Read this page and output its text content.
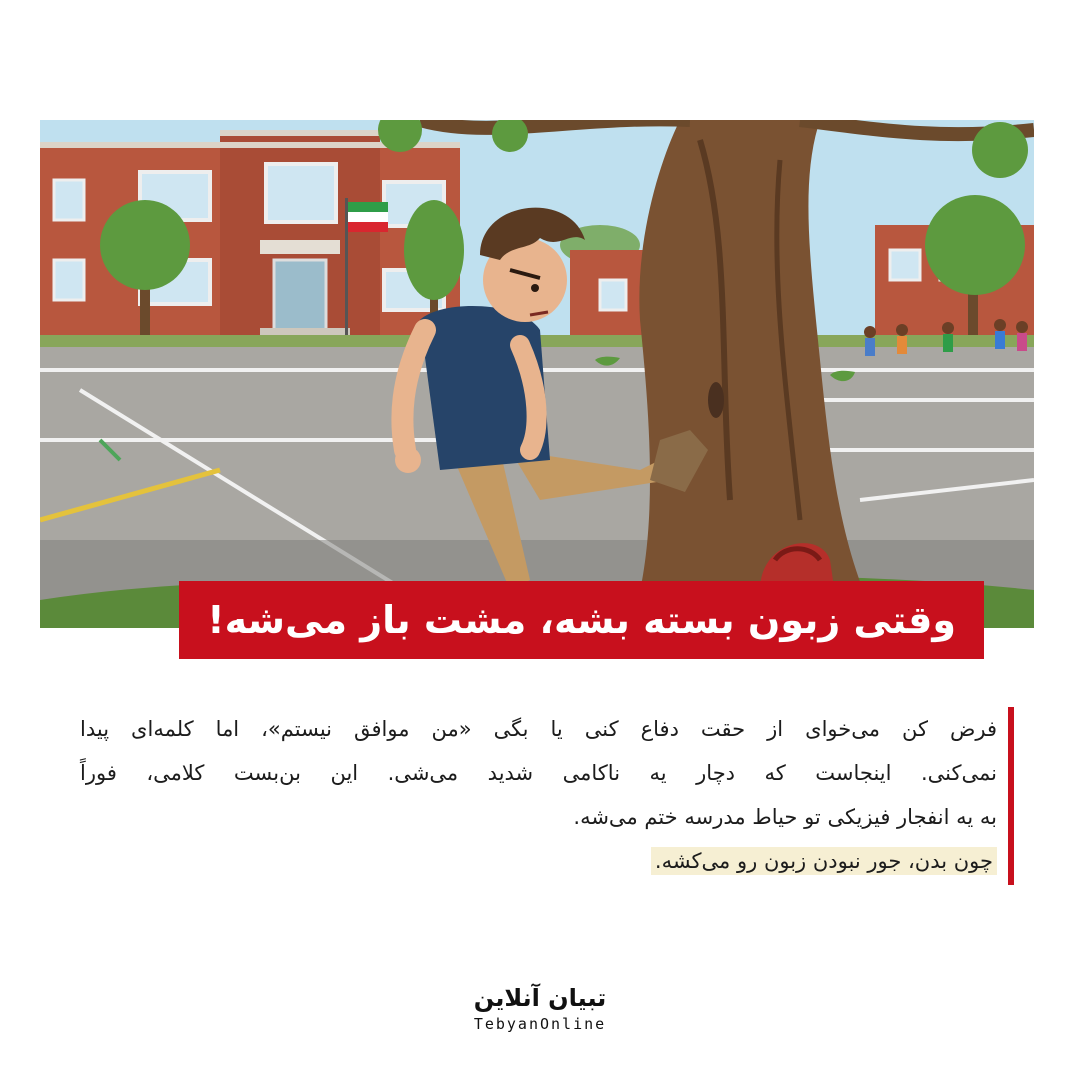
وقتی زبون بسته بشه، مشت باز می‌شه!
فرض کن می‌خوای از حقت دفاع کنی یا بگی «من موافق نیستم»، اما کلمه‌ای پیدا
نمی‌کنی. اینجاست که دچار یه ناکامی شدید می‌شی. این بن‌بست کلامی، فوراً
به یه انفجار فیزیکی تو حیاط مدرسه ختم می‌شه.
چون بدن، جور نبودن زبون رو می‌کشه.
تبیان آنلاین
TebyanOnline
